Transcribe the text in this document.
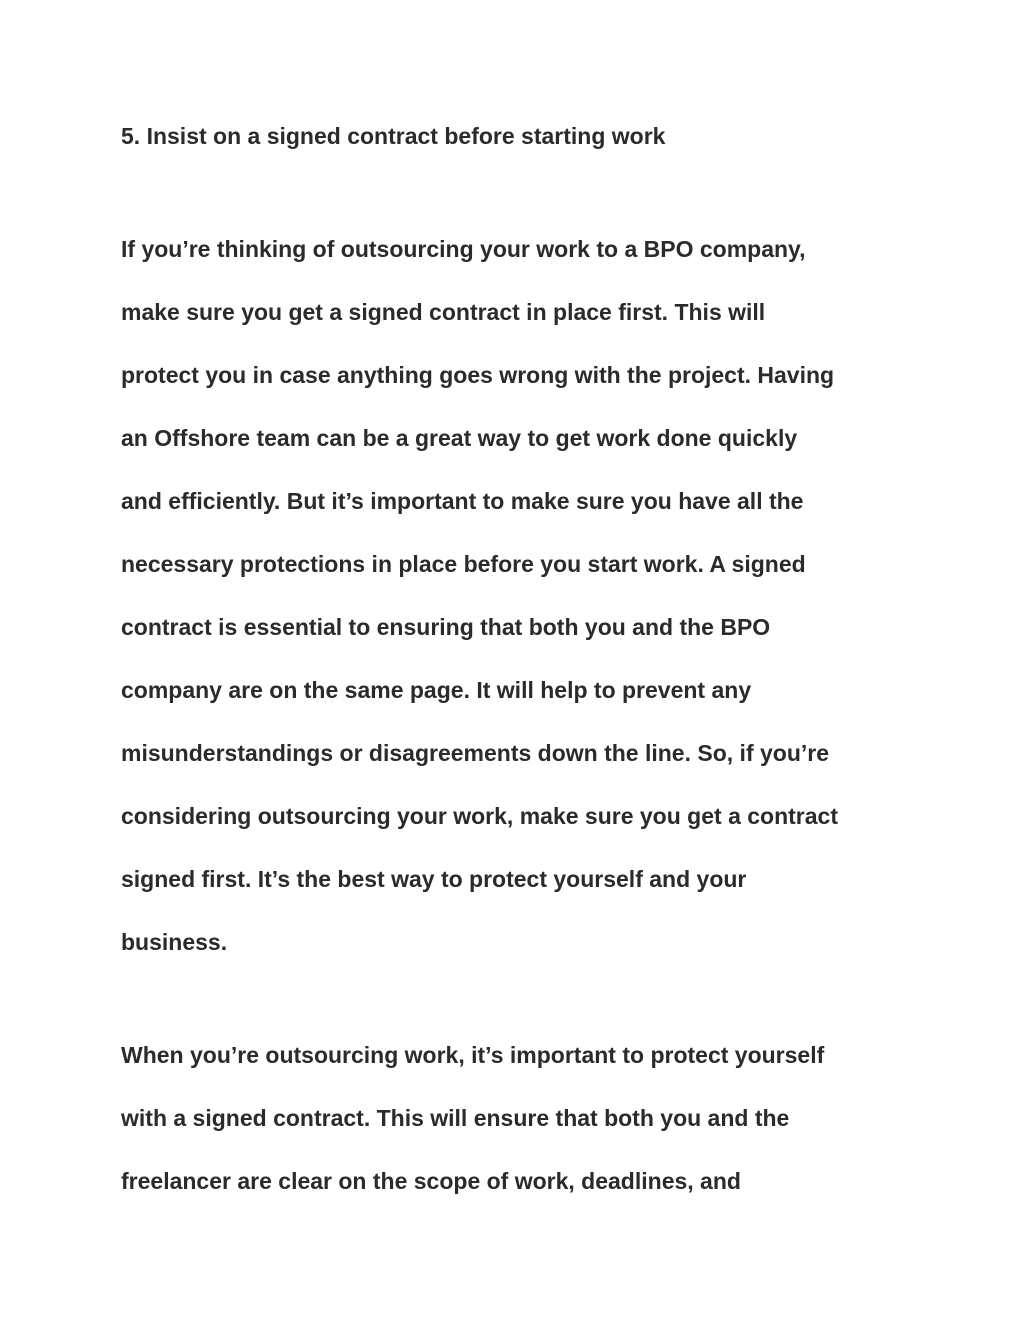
5. Insist on a signed contract before starting work

If you’re thinking of outsourcing your work to a BPO company,

make sure you get a signed contract in place first. This will

protect you in case anything goes wrong with the project. Having

an Offshore team can be a great way to get work done quickly

and efficiently. But it’s important to make sure you have all the

necessary protections in place before you start work. A signed

contract is essential to ensuring that both you and the BPO

company are on the same page. It will help to prevent any

misunderstandings or disagreements down the line. So, if you’re

considering outsourcing your work, make sure you get a contract

signed first. It’s the best way to protect yourself and your

business.

When you’re outsourcing work, it’s important to protect yourself

with a signed contract. This will ensure that both you and the

freelancer are clear on the scope of work, deadlines, and
